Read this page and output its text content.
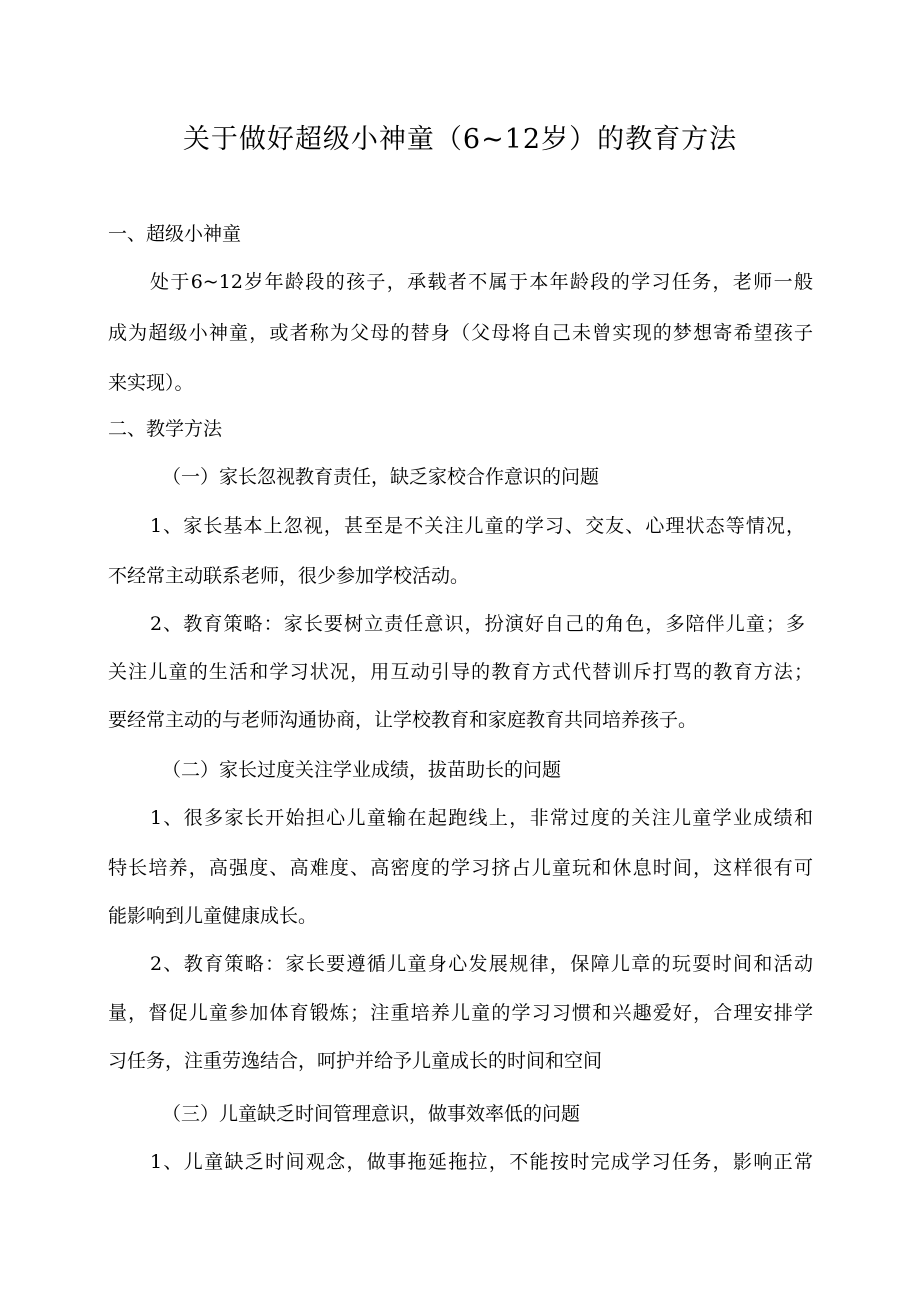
关于做好超级小神童（6~12岁）的教育方法
一、超级小神童
处于6~12岁年龄段的孩子，承载者不属于本年龄段的学习任务，老师一般
成为超级小神童，或者称为父母的替身（父母将自己未曾实现的梦想寄希望孩子
来实现）。
二、教学方法
（一）家长忽视教育责任，缺乏家校合作意识的问题
1、家长基本上忽视，甚至是不关注儿童的学习、交友、心理状态等情况，
不经常主动联系老师，很少参加学校活动。
2、教育策略：家长要树立责任意识，扮演好自己的角色，多陪伴儿童；多
关注儿童的生活和学习状况，用互动引导的教育方式代替训斥打骂的教育方法；
要经常主动的与老师沟通协商，让学校教育和家庭教育共同培养孩子。
（二）家长过度关注学业成绩，拔苗助长的问题
1、很多家长开始担心儿童输在起跑线上，非常过度的关注儿童学业成绩和
特长培养，高强度、高难度、高密度的学习挤占儿童玩和休息时间，这样很有可
能影响到儿童健康成长。
2、教育策略：家长要遵循儿童身心发展规律，保障儿章的玩耍时间和活动
量，督促儿童参加体育锻炼；注重培养儿童的学习习惯和兴趣爱好，合理安排学
习任务，注重劳逸结合，呵护并给予儿童成长的时间和空间
（三）儿童缺乏时间管理意识，做事效率低的问题
1、儿童缺乏时间观念，做事拖延拖拉，不能按时完成学习任务，影响正常
